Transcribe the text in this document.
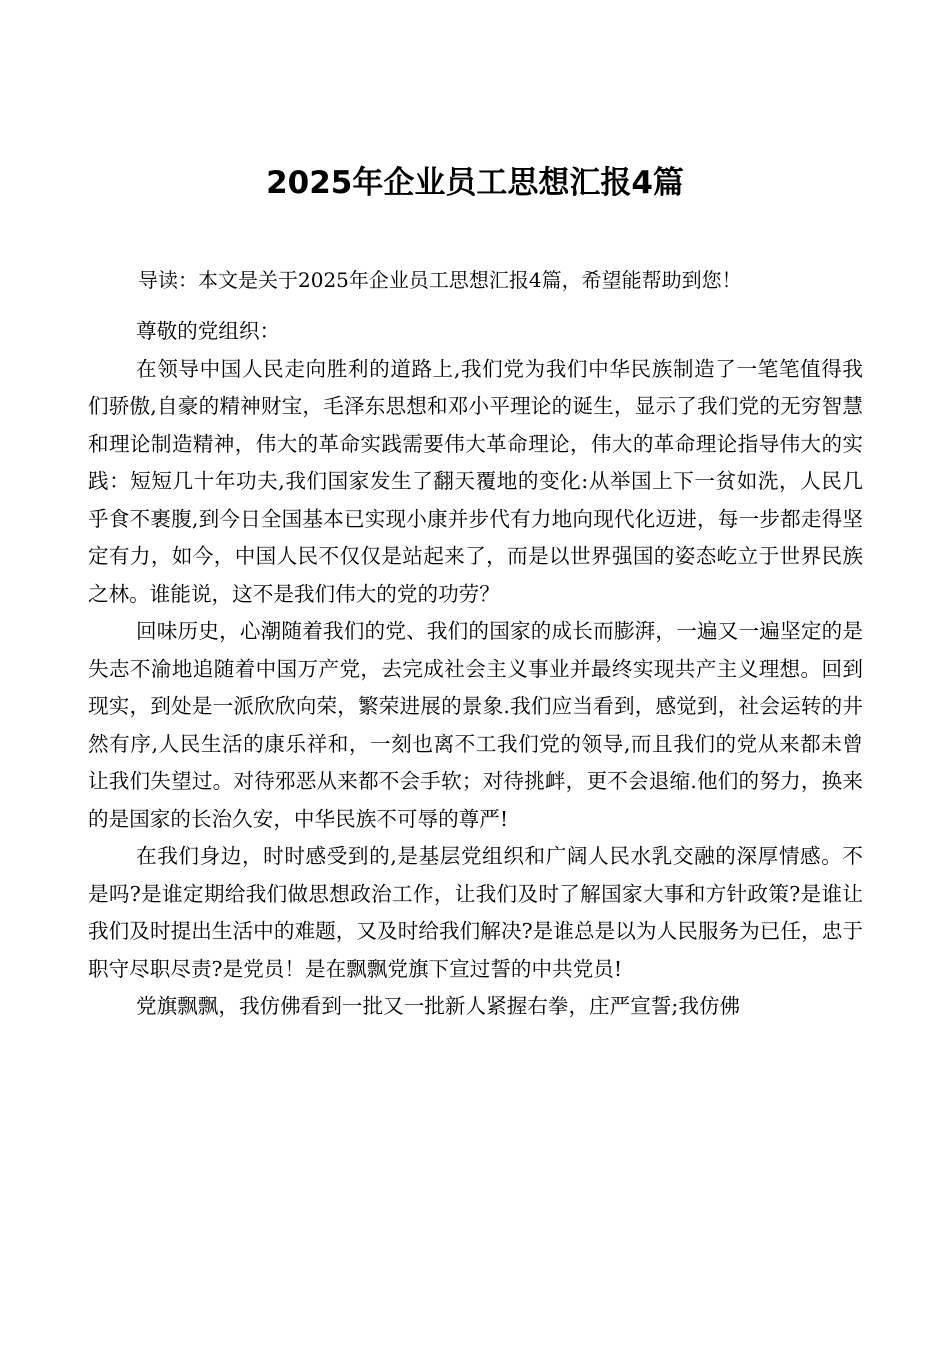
2025年企业员工思想汇报4篇

导读：本文是关于2025年企业员工思想汇报4篇，希望能帮助到您！

尊敬的党组织：

在领导中国人民走向胜利的道路上,我们党为我们中华民族制造了一笔笔值得我们骄傲,自豪的精神财宝，毛泽东思想和邓小平理论的诞生，显示了我们党的无穷智慧和理论制造精神，伟大的革命实践需要伟大革命理论，伟大的革命理论指导伟大的实践：短短几十年功夫,我们国家发生了翻天覆地的变化:从举国上下一贫如洗，人民几乎食不裹腹,到今日全国基本已实现小康并步代有力地向现代化迈进，每一步都走得坚定有力，如今，中国人民不仅仅是站起来了，而是以世界强国的姿态屹立于世界民族之林。谁能说，这不是我们伟大的党的功劳？

回味历史，心潮随着我们的党、我们的国家的成长而膨湃，一遍又一遍坚定的是失志不渝地追随着中国万产党，去完成社会主义事业并最终实现共产主义理想。回到现实，到处是一派欣欣向荣，繁荣进展的景象.我们应当看到，感觉到，社会运转的井然有序,人民生活的康乐祥和，一刻也离不工我们党的领导,而且我们的党从来都未曾让我们失望过。对待邪恶从来都不会手软；对待挑衅，更不会退缩.他们的努力，换来的是国家的长治久安，中华民族不可辱的尊严!

在我们身边，时时感受到的,是基层党组织和广阔人民水乳交融的深厚情感。不是吗?是谁定期给我们做思想政治工作，让我们及时了解国家大事和方针政策?是谁让我们及时提出生活中的难题，又及时给我们解决?是谁总是以为人民服务为已任，忠于职守尽职尽责?是党员！是在飘飘党旗下宣过誓的中共党员!

党旗飘飘，我仿佛看到一批又一批新人紧握右拳，庄严宣誓;我仿佛
